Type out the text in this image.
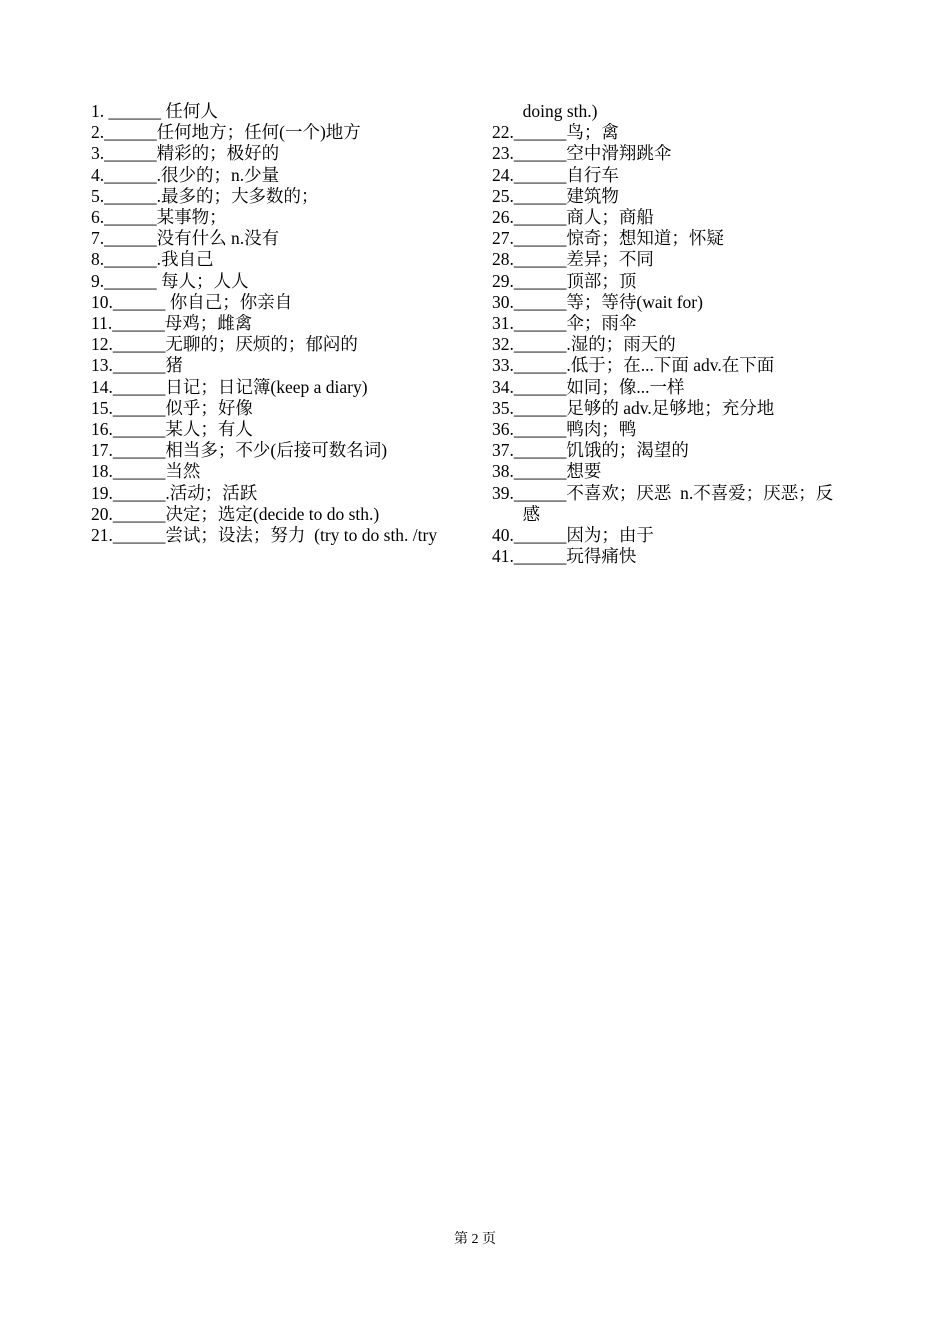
1. ______ 任何人

2.______任何地方；任何(一个)地方

3.______精彩的；极好的

4.______.很少的；n.少量

5.______.最多的；大多数的；

6.______某事物；

7.______没有什么 n.没有

8.______.我自己

9.______ 每人；人人

10.______ 你自己；你亲自

11.______母鸡；雌禽

12.______无聊的；厌烦的；郁闷的

13.______猪

14.______日记；日记簿(keep a diary)

15.______似乎；好像

16.______某人；有人

17.______相当多；不少(后接可数名词)

18.______当然

19.______.活动；活跃

20.______决定；选定(decide to do sth.)

21.______尝试；设法；努力  (try to do sth. /try

doing sth.)

22.______鸟；禽

23.______空中滑翔跳伞

24.______自行车

25.______建筑物

26.______商人；商船

27.______惊奇；想知道；怀疑

28.______差异；不同

29.______顶部；顶

30.______等；等待(wait for)

31.______伞；雨伞

32.______.湿的；雨天的

33.______.低于；在...下面 adv.在下面

34.______如同；像...一样

35.______足够的 adv.足够地；充分地

36.______鸭肉；鸭

37.______饥饿的；渴望的

38.______想要

39.______不喜欢；厌恶  n.不喜爱；厌恶；反

感

40.______因为；由于

41.______玩得痛快

第 2 页
